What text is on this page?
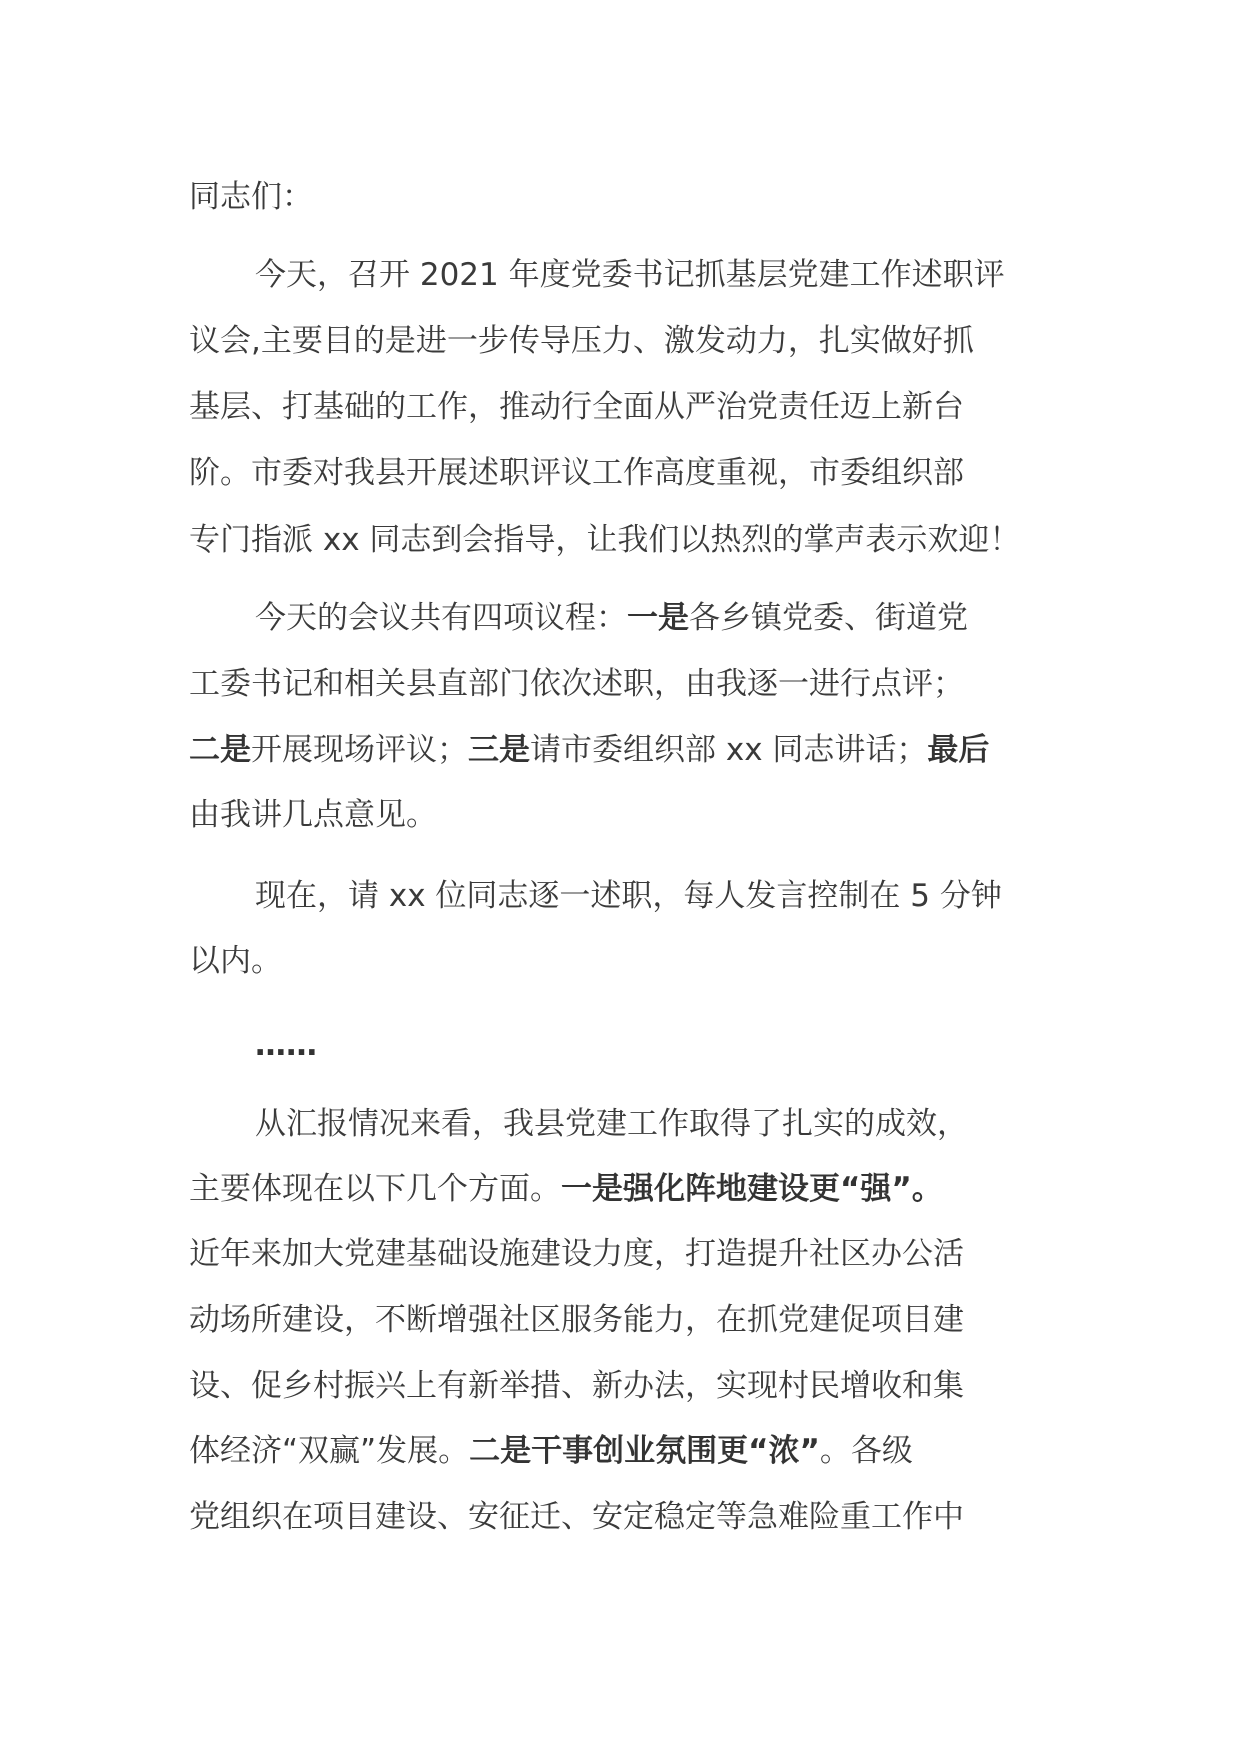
同志们：
今天，召开 2021 年度党委书记抓基层党建工作述职评
议会,主要目的是进一步传导压力、激发动力，扎实做好抓
基层、打基础的工作，推动行全面从严治党责任迈上新台
阶。市委对我县开展述职评议工作高度重视，市委组织部
专门指派 xx 同志到会指导，让我们以热烈的掌声表示欢迎！
今天的会议共有四项议程：一是各乡镇党委、街道党
工委书记和相关县直部门依次述职，由我逐一进行点评；
二是开展现场评议；三是请市委组织部 xx 同志讲话；最后
由我讲几点意见。
现在，请 xx 位同志逐一述职，每人发言控制在 5 分钟
以内。
……
从汇报情况来看，我县党建工作取得了扎实的成效，
主要体现在以下几个方面。一是强化阵地建设更“强”。
近年来加大党建基础设施建设力度，打造提升社区办公活
动场所建设，不断增强社区服务能力，在抓党建促项目建
设、促乡村振兴上有新举措、新办法，实现村民增收和集
体经济“双赢”发展。二是干事创业氛围更“浓”。各级
党组织在项目建设、安征迁、安定稳定等急难险重工作中
